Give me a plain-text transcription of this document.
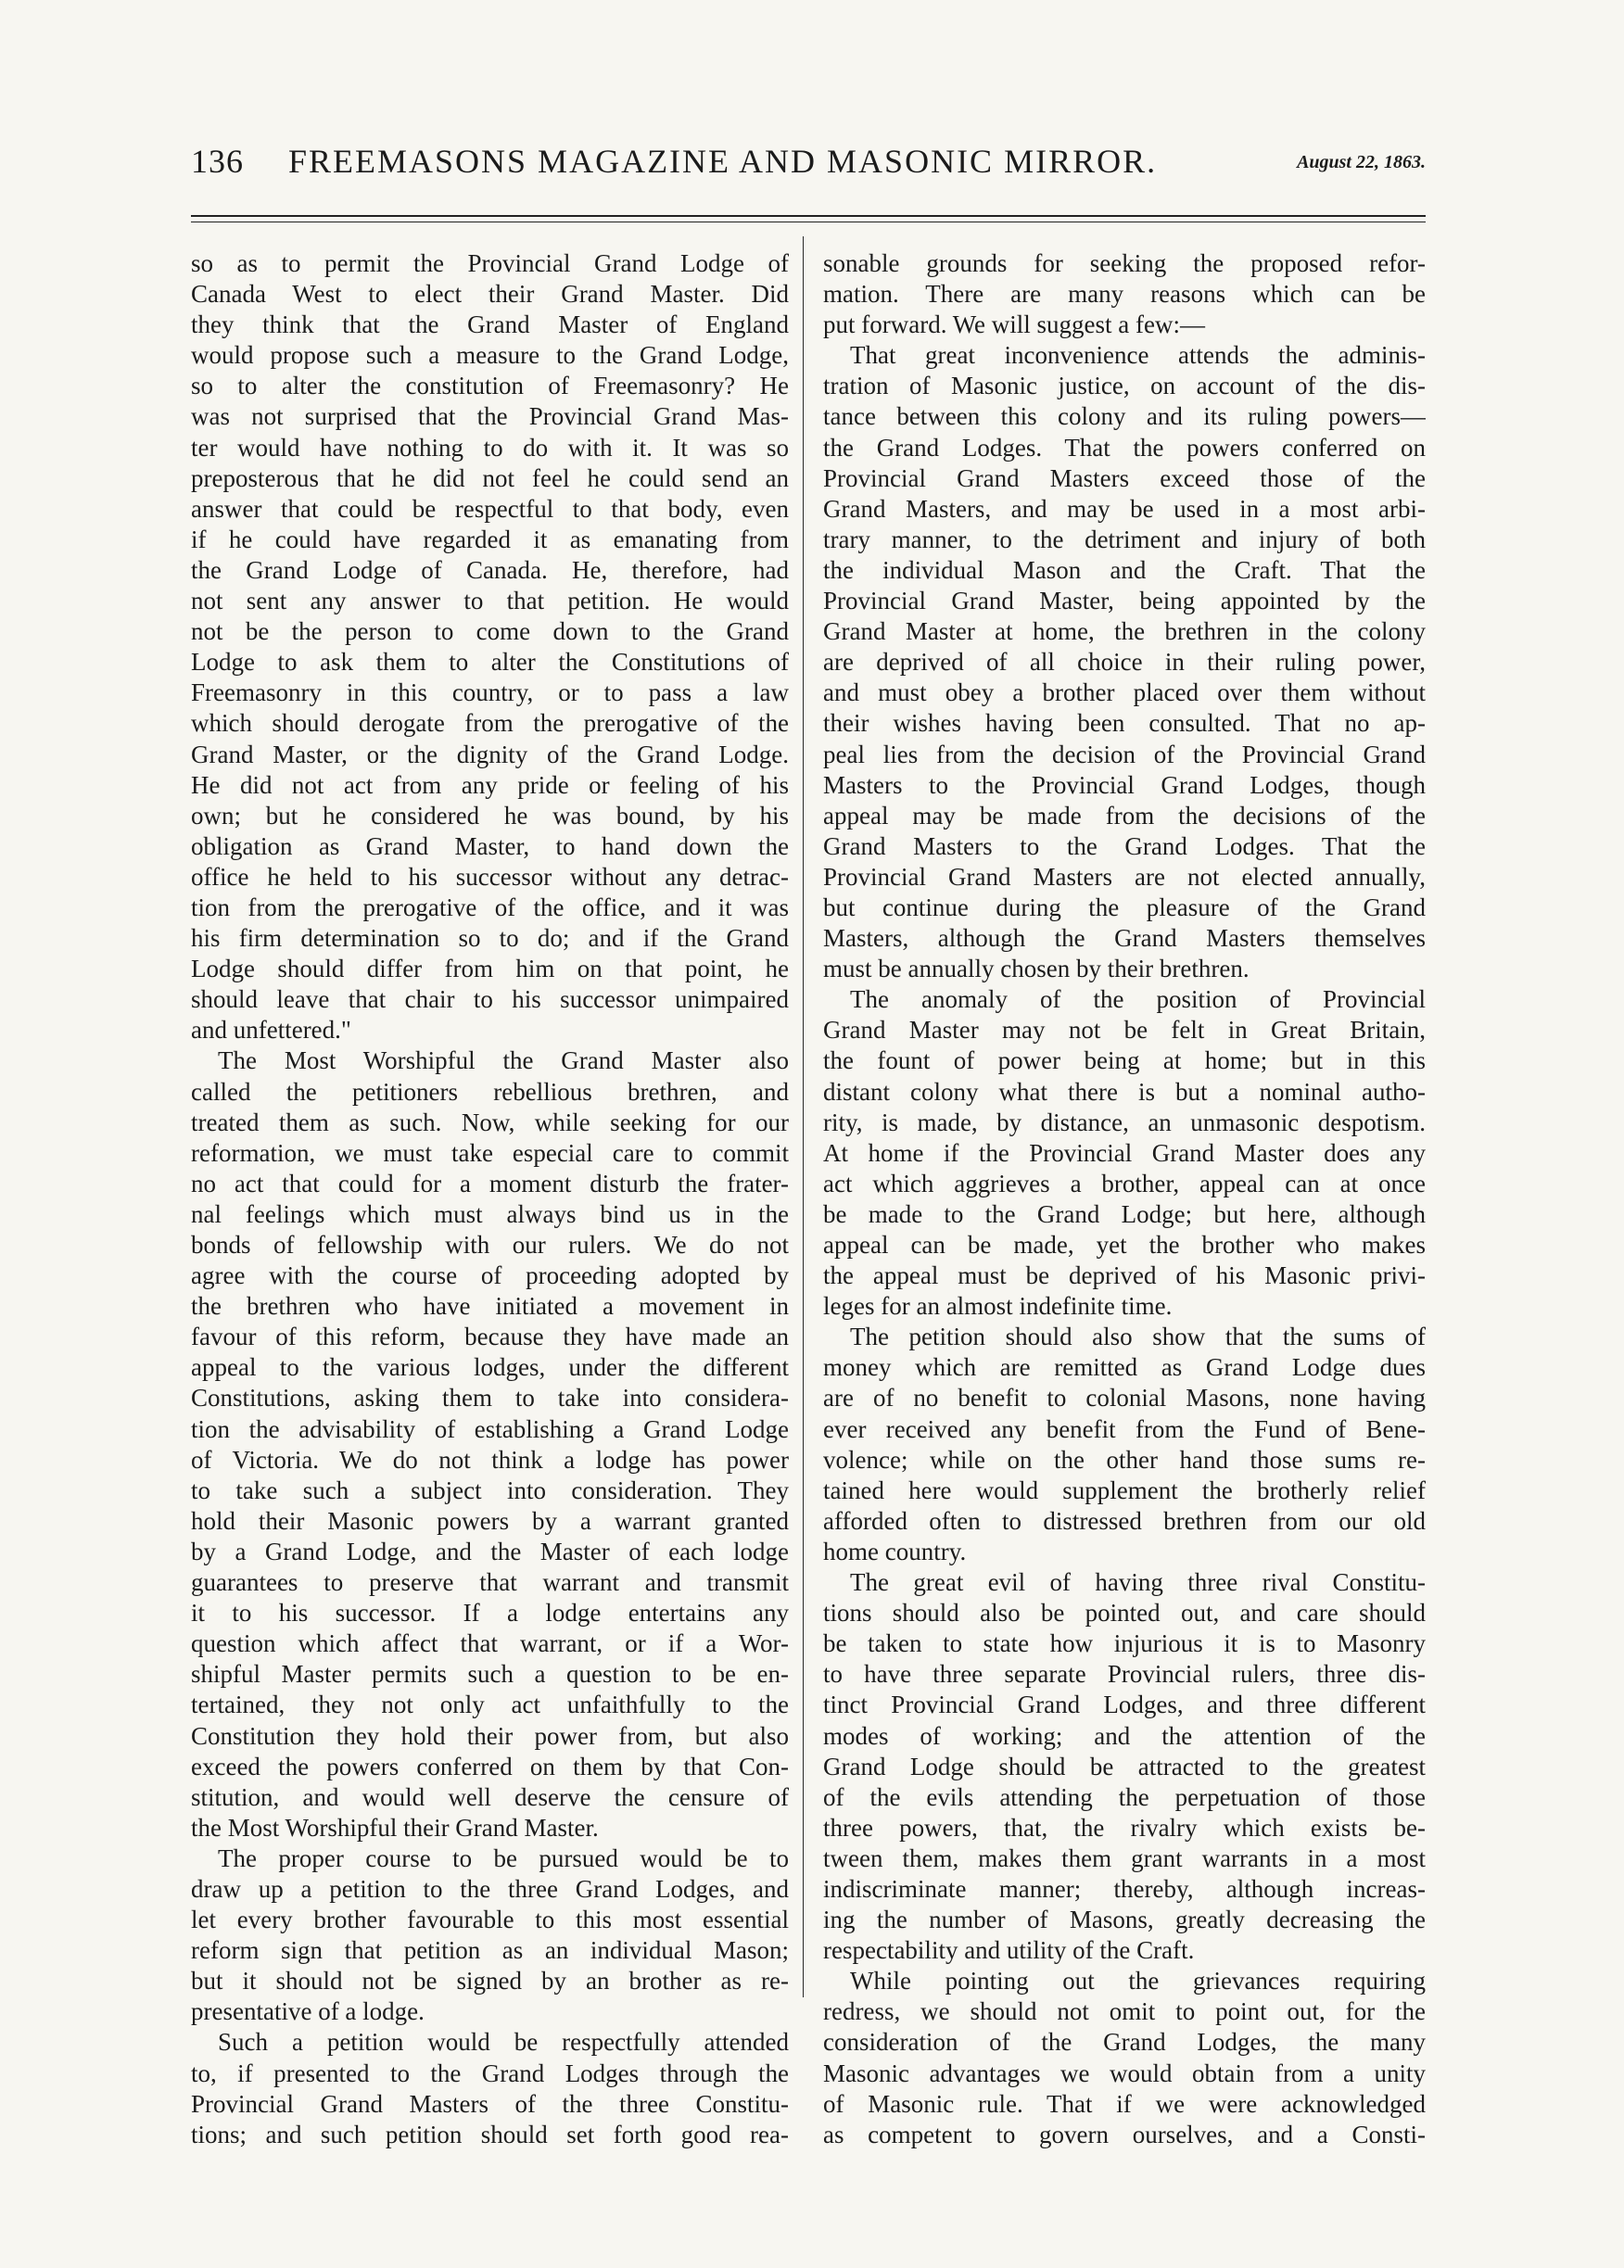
136 FREEMASONS MAGAZINE AND MASONIC MIRROR.	August 22, 1863.
so as to permit the Provincial Grand Lodge of
Canada West to elect their Grand Master. Did
they think that the Grand Master of England
would propose such a measure to the Grand Lodge,
so to alter the constitution of Freemasonry? He
was not surprised that the Provincial Grand Mas-
ter would have nothing to do with it. It was so
preposterous that he did not feel he could send an
answer that could be respectful to that body, even
if he could have regarded it as emanating from
the Grand Lodge of Canada. He, therefore, had
not sent any answer to that petition. He would
not be the person to come down to the Grand
Lodge to ask them to alter the Constitutions of
Freemasonry in this country, or to pass a law
which should derogate from the prerogative of the
Grand Master, or the dignity of the Grand Lodge.
He did not act from any pride or feeling of his
own; but he considered he was bound, by his
obligation as Grand Master, to hand down the
office he held to his successor without any detrac-
tion from the prerogative of the office, and it was
his firm determination so to do; and if the Grand
Lodge should differ from him on that point, he
should leave that chair to his successor unimpaired
and unfettered."
The Most Worshipful the Grand Master also
called the petitioners rebellious brethren, and
treated them as such. Now, while seeking for our
reformation, we must take especial care to commit
no act that could for a moment disturb the frater-
nal feelings which must always bind us in the
bonds of fellowship with our rulers. We do not
agree with the course of proceeding adopted by
the brethren who have initiated a movement in
favour of this reform, because they have made an
appeal to the various lodges, under the different
Constitutions, asking them to take into considera-
tion the advisability of establishing a Grand Lodge
of Victoria. We do not think a lodge has power
to take such a subject into consideration. They
hold their Masonic powers by a warrant granted
by a Grand Lodge, and the Master of each lodge
guarantees to preserve that warrant and transmit
it to his successor. If a lodge entertains any
question which affect that warrant, or if a Wor-
shipful Master permits such a question to be en-
tertained, they not only act unfaithfully to the
Constitution they hold their power from, but also
exceed the powers conferred on them by that Con-
stitution, and would well deserve the censure of
the Most Worshipful their Grand Master.
The proper course to be pursued would be to
draw up a petition to the three Grand Lodges, and
let every brother favourable to this most essential
reform sign that petition as an individual Mason;
but it should not be signed by an brother as re-
presentative of a lodge.
Such a petition would be respectfully attended
to, if presented to the Grand Lodges through the
Provincial Grand Masters of the three Constitu-
tions; and such petition should set forth good rea-
sonable grounds for seeking the proposed refor-
mation. There are many reasons which can be
put forward. We will suggest a few:—
That great inconvenience attends the adminis-
tration of Masonic justice, on account of the dis-
tance between this colony and its ruling powers—
the Grand Lodges. That the powers conferred on
Provincial Grand Masters exceed those of the
Grand Masters, and may be used in a most arbi-
trary manner, to the detriment and injury of both
the individual Mason and the Craft. That the
Provincial Grand Master, being appointed by the
Grand Master at home, the brethren in the colony
are deprived of all choice in their ruling power,
and must obey a brother placed over them without
their wishes having been consulted. That no ap-
peal lies from the decision of the Provincial Grand
Masters to the Provincial Grand Lodges, though
appeal may be made from the decisions of the
Grand Masters to the Grand Lodges. That the
Provincial Grand Masters are not elected annually,
but continue during the pleasure of the Grand
Masters, although the Grand Masters themselves
must be annually chosen by their brethren.
The anomaly of the position of Provincial
Grand Master may not be felt in Great Britain,
the fount of power being at home; but in this
distant colony what there is but a nominal autho-
rity, is made, by distance, an unmasonic despotism.
At home if the Provincial Grand Master does any
act which aggrieves a brother, appeal can at once
be made to the Grand Lodge; but here, although
appeal can be made, yet the brother who makes
the appeal must be deprived of his Masonic privi-
leges for an almost indefinite time.
The petition should also show that the sums of
money which are remitted as Grand Lodge dues
are of no benefit to colonial Masons, none having
ever received any benefit from the Fund of Bene-
volence; while on the other hand those sums re-
tained here would supplement the brotherly relief
afforded often to distressed brethren from our old
home country.
The great evil of having three rival Constitu-
tions should also be pointed out, and care should
be taken to state how injurious it is to Masonry
to have three separate Provincial rulers, three dis-
tinct Provincial Grand Lodges, and three different
modes of working; and the attention of the
Grand Lodge should be attracted to the greatest
of the evils attending the perpetuation of those
three powers, that, the rivalry which exists be-
tween them, makes them grant warrants in a most
indiscriminate manner; thereby, although increas-
ing the number of Masons, greatly decreasing the
respectability and utility of the Craft.
While pointing out the grievances requiring
redress, we should not omit to point out, for the
consideration of the Grand Lodges, the many
Masonic advantages we would obtain from a unity
of Masonic rule. That if we were acknowledged
as competent to govern ourselves, and a Consti-
